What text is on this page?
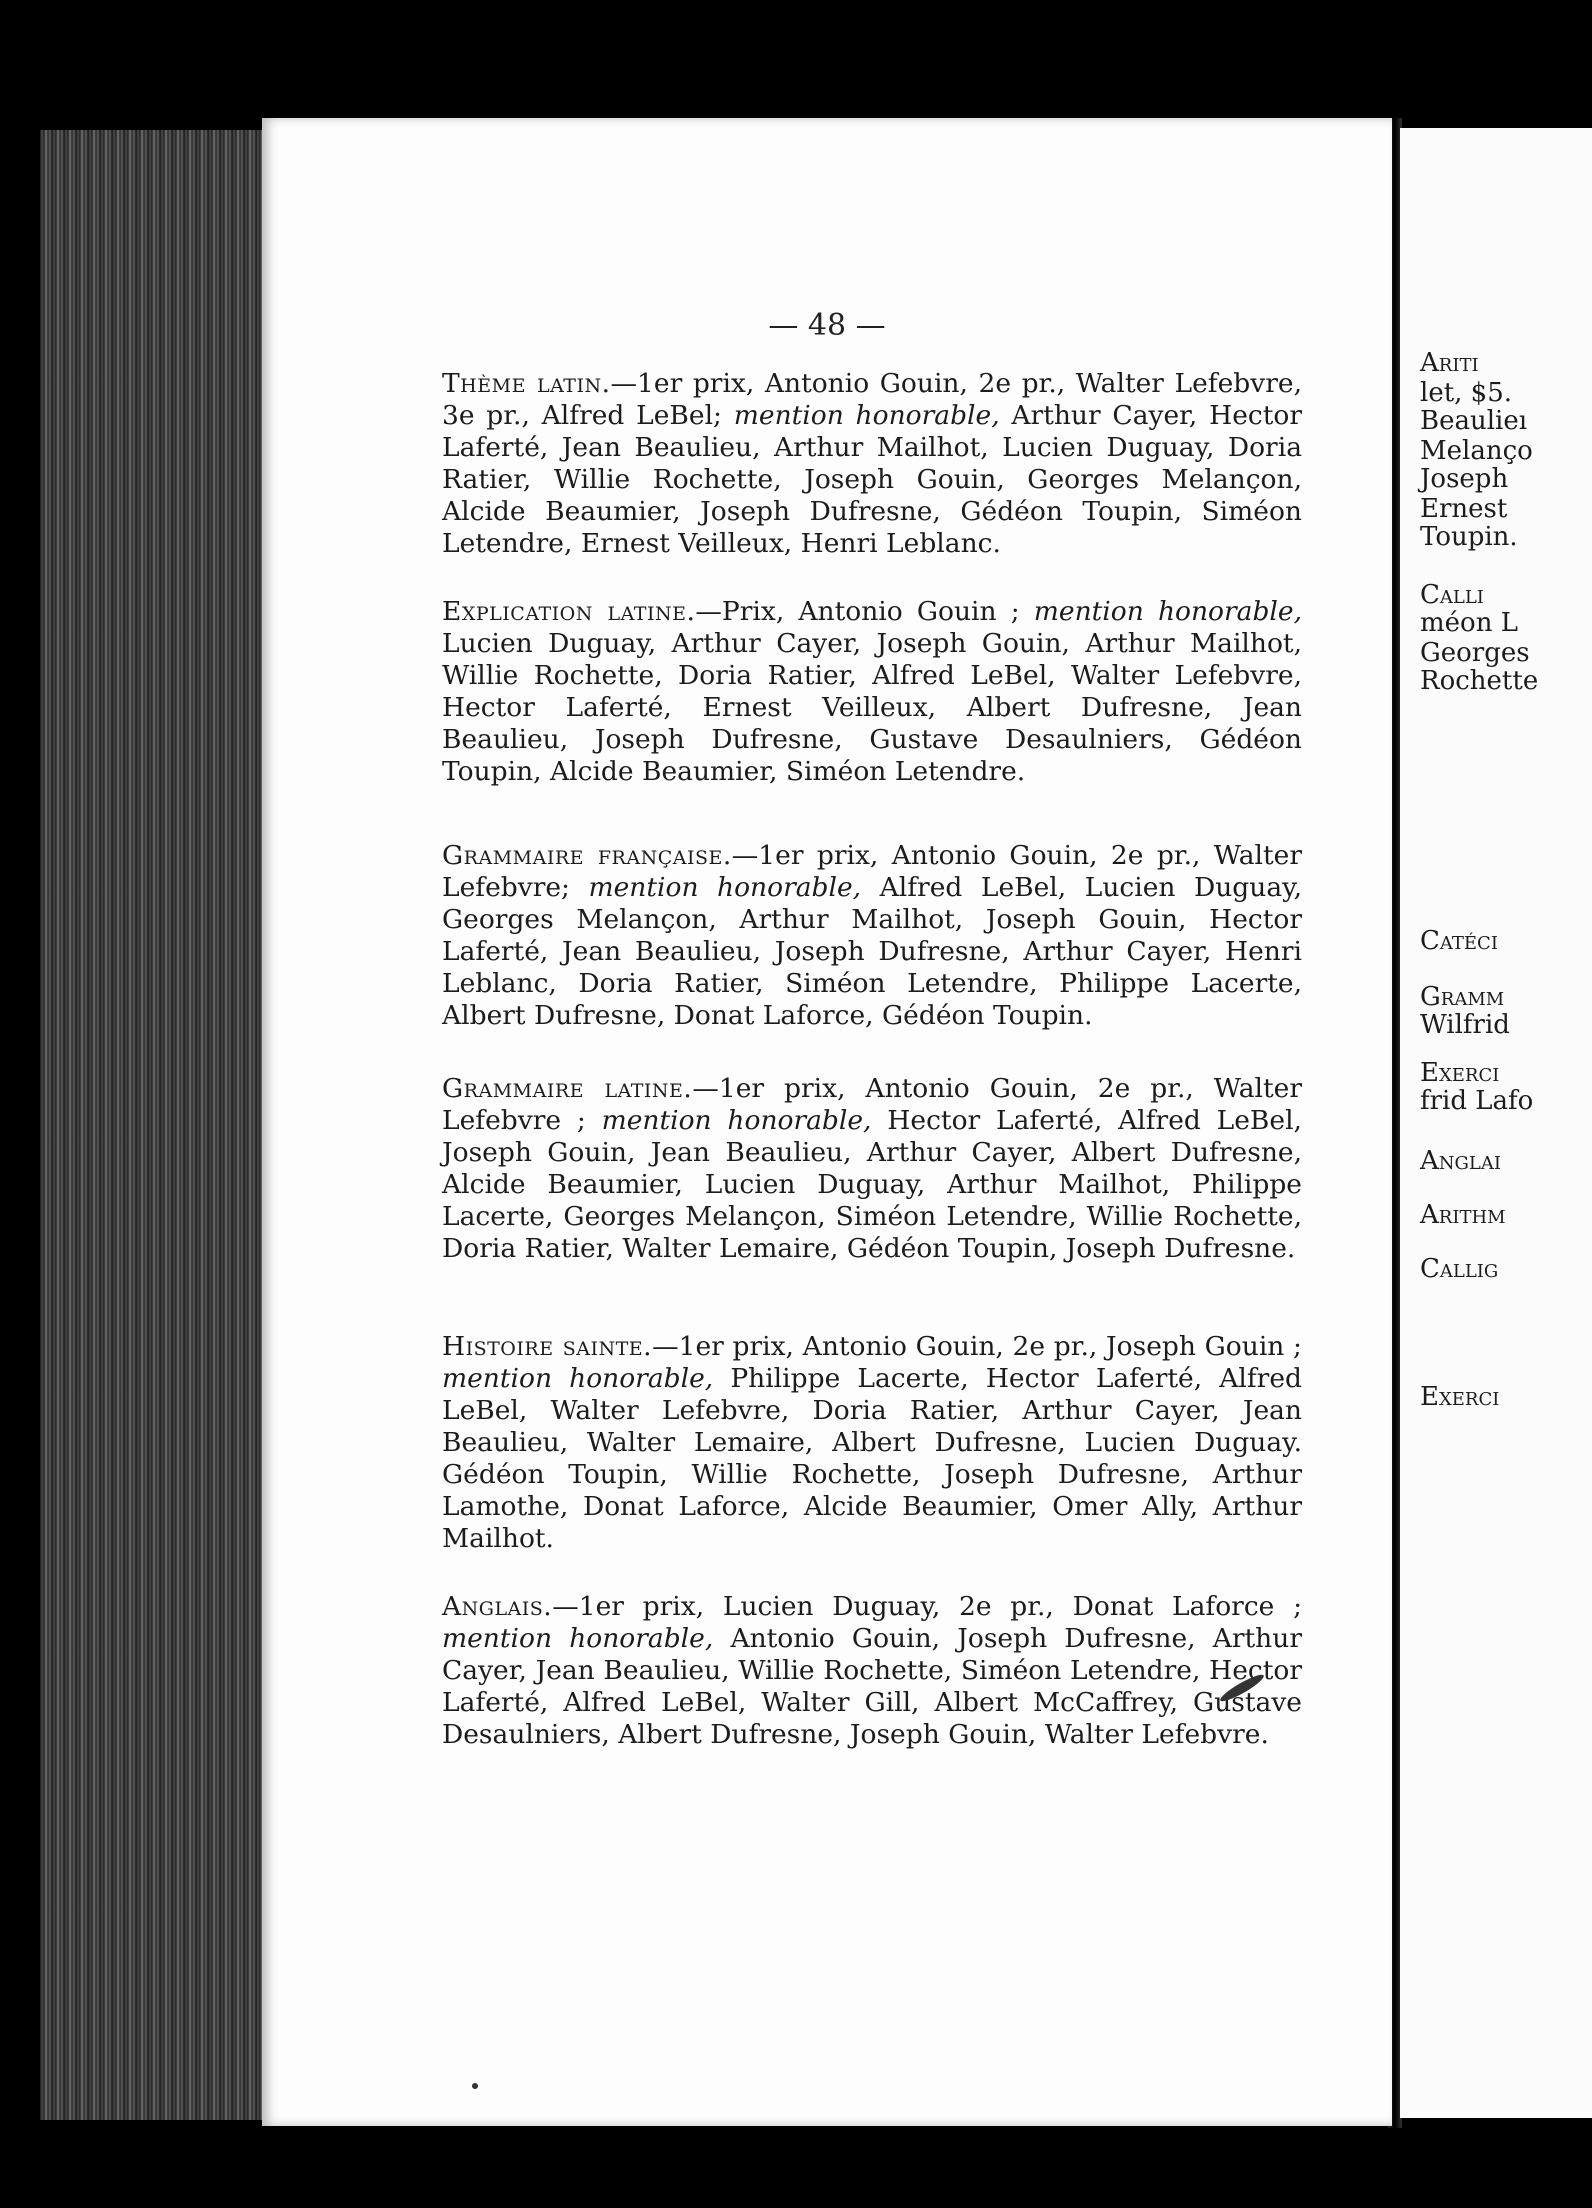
— 48 —
Thème latin.—1er prix, Antonio Gouin, 2e pr., Walter Lefebvre, 3e pr., Alfred LeBel; mention honorable, Arthur Cayer, Hector Laferté, Jean Beaulieu, Arthur Mailhot, Lucien Duguay, Doria Ratier, Willie Rochette, Joseph Gouin, Georges Melançon, Alcide Beaumier, Joseph Dufresne, Gédéon Toupin, Siméon Letendre, Ernest Veilleux, Henri Leblanc.
Explication latine.—Prix, Antonio Gouin ; mention honorable, Lucien Duguay, Arthur Cayer, Joseph Gouin, Arthur Mailhot, Willie Rochette, Doria Ratier, Alfred LeBel, Walter Lefebvre, Hector Laferté, Ernest Veilleux, Albert Dufresne, Jean Beaulieu, Joseph Dufresne, Gustave Desaulniers, Gédéon Toupin, Alcide Beaumier, Siméon Letendre.
Grammaire française.—1er prix, Antonio Gouin, 2e pr., Walter Lefebvre; mention honorable, Alfred LeBel, Lucien Duguay, Georges Melançon, Arthur Mailhot, Joseph Gouin, Hector Laferté, Jean Beaulieu, Joseph Dufresne, Arthur Cayer, Henri Leblanc, Doria Ratier, Siméon Letendre, Philippe Lacerte, Albert Dufresne, Donat Laforce, Gédéon Toupin.
Grammaire latine.—1er prix, Antonio Gouin, 2e pr., Walter Lefebvre ; mention honorable, Hector Laferté, Alfred LeBel, Joseph Gouin, Jean Beaulieu, Arthur Cayer, Albert Dufresne, Alcide Beaumier, Lucien Duguay, Arthur Mailhot, Philippe Lacerte, Georges Melançon, Siméon Letendre, Willie Rochette, Doria Ratier, Walter Lemaire, Gédéon Toupin, Joseph Dufresne.
Histoire sainte.—1er prix, Antonio Gouin, 2e pr., Joseph Gouin ; mention honorable, Philippe Lacerte, Hector Laferté, Alfred LeBel, Walter Lefebvre, Doria Ratier, Arthur Cayer, Jean Beaulieu, Walter Lemaire, Albert Dufresne, Lucien Duguay. Gédéon Toupin, Willie Rochette, Joseph Dufresne, Arthur Lamothe, Donat Laforce, Alcide Beaumier, Omer Ally, Arthur Mailhot.
Anglais.—1er prix, Lucien Duguay, 2e pr., Donat Laforce ; mention honorable, Antonio Gouin, Joseph Dufresne, Arthur Cayer, Jean Beaulieu, Willie Rochette, Siméon Letendre, Hector Laferté, Alfred LeBel, Walter Gill, Albert McCaffrey, Gustave Desaulniers, Albert Dufresne, Joseph Gouin, Walter Lefebvre.
Aritı
let, $5.
Beaulieı
Melanço
Joseph
Ernest
Toupin.
Callı
méon L
Georges
Rochette
Catécı
Gramm
Wilfrid
Exercı
frid Lafo
Anglaı
Arithm
Callig
Exerci
